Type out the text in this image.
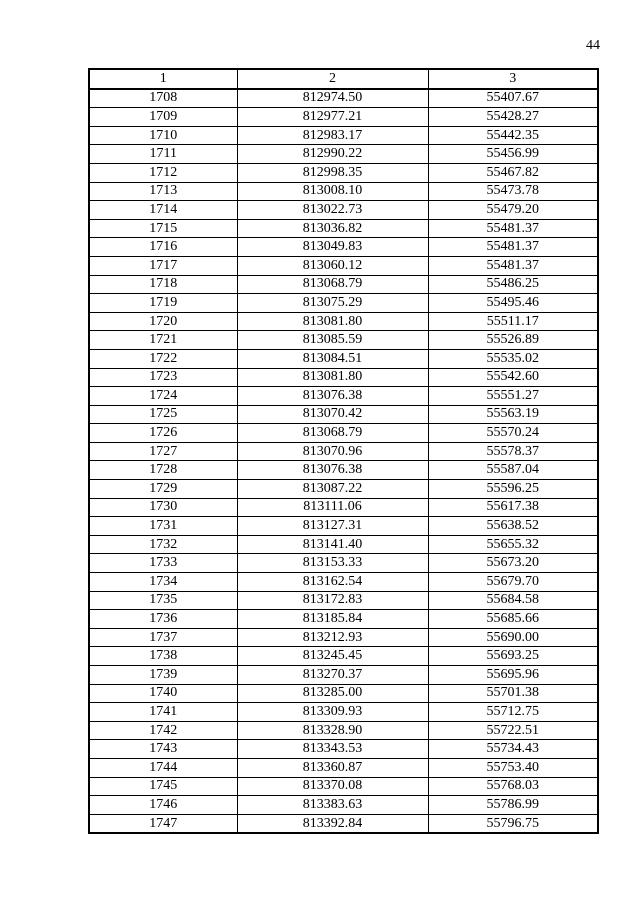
44
1	2	3
1708	812974.50	55407.67
1709	812977.21	55428.27
1710	812983.17	55442.35
1711	812990.22	55456.99
1712	812998.35	55467.82
1713	813008.10	55473.78
1714	813022.73	55479.20
1715	813036.82	55481.37
1716	813049.83	55481.37
1717	813060.12	55481.37
1718	813068.79	55486.25
1719	813075.29	55495.46
1720	813081.80	55511.17
1721	813085.59	55526.89
1722	813084.51	55535.02
1723	813081.80	55542.60
1724	813076.38	55551.27
1725	813070.42	55563.19
1726	813068.79	55570.24
1727	813070.96	55578.37
1728	813076.38	55587.04
1729	813087.22	55596.25
1730	813111.06	55617.38
1731	813127.31	55638.52
1732	813141.40	55655.32
1733	813153.33	55673.20
1734	813162.54	55679.70
1735	813172.83	55684.58
1736	813185.84	55685.66
1737	813212.93	55690.00
1738	813245.45	55693.25
1739	813270.37	55695.96
1740	813285.00	55701.38
1741	813309.93	55712.75
1742	813328.90	55722.51
1743	813343.53	55734.43
1744	813360.87	55753.40
1745	813370.08	55768.03
1746	813383.63	55786.99
1747	813392.84	55796.75
